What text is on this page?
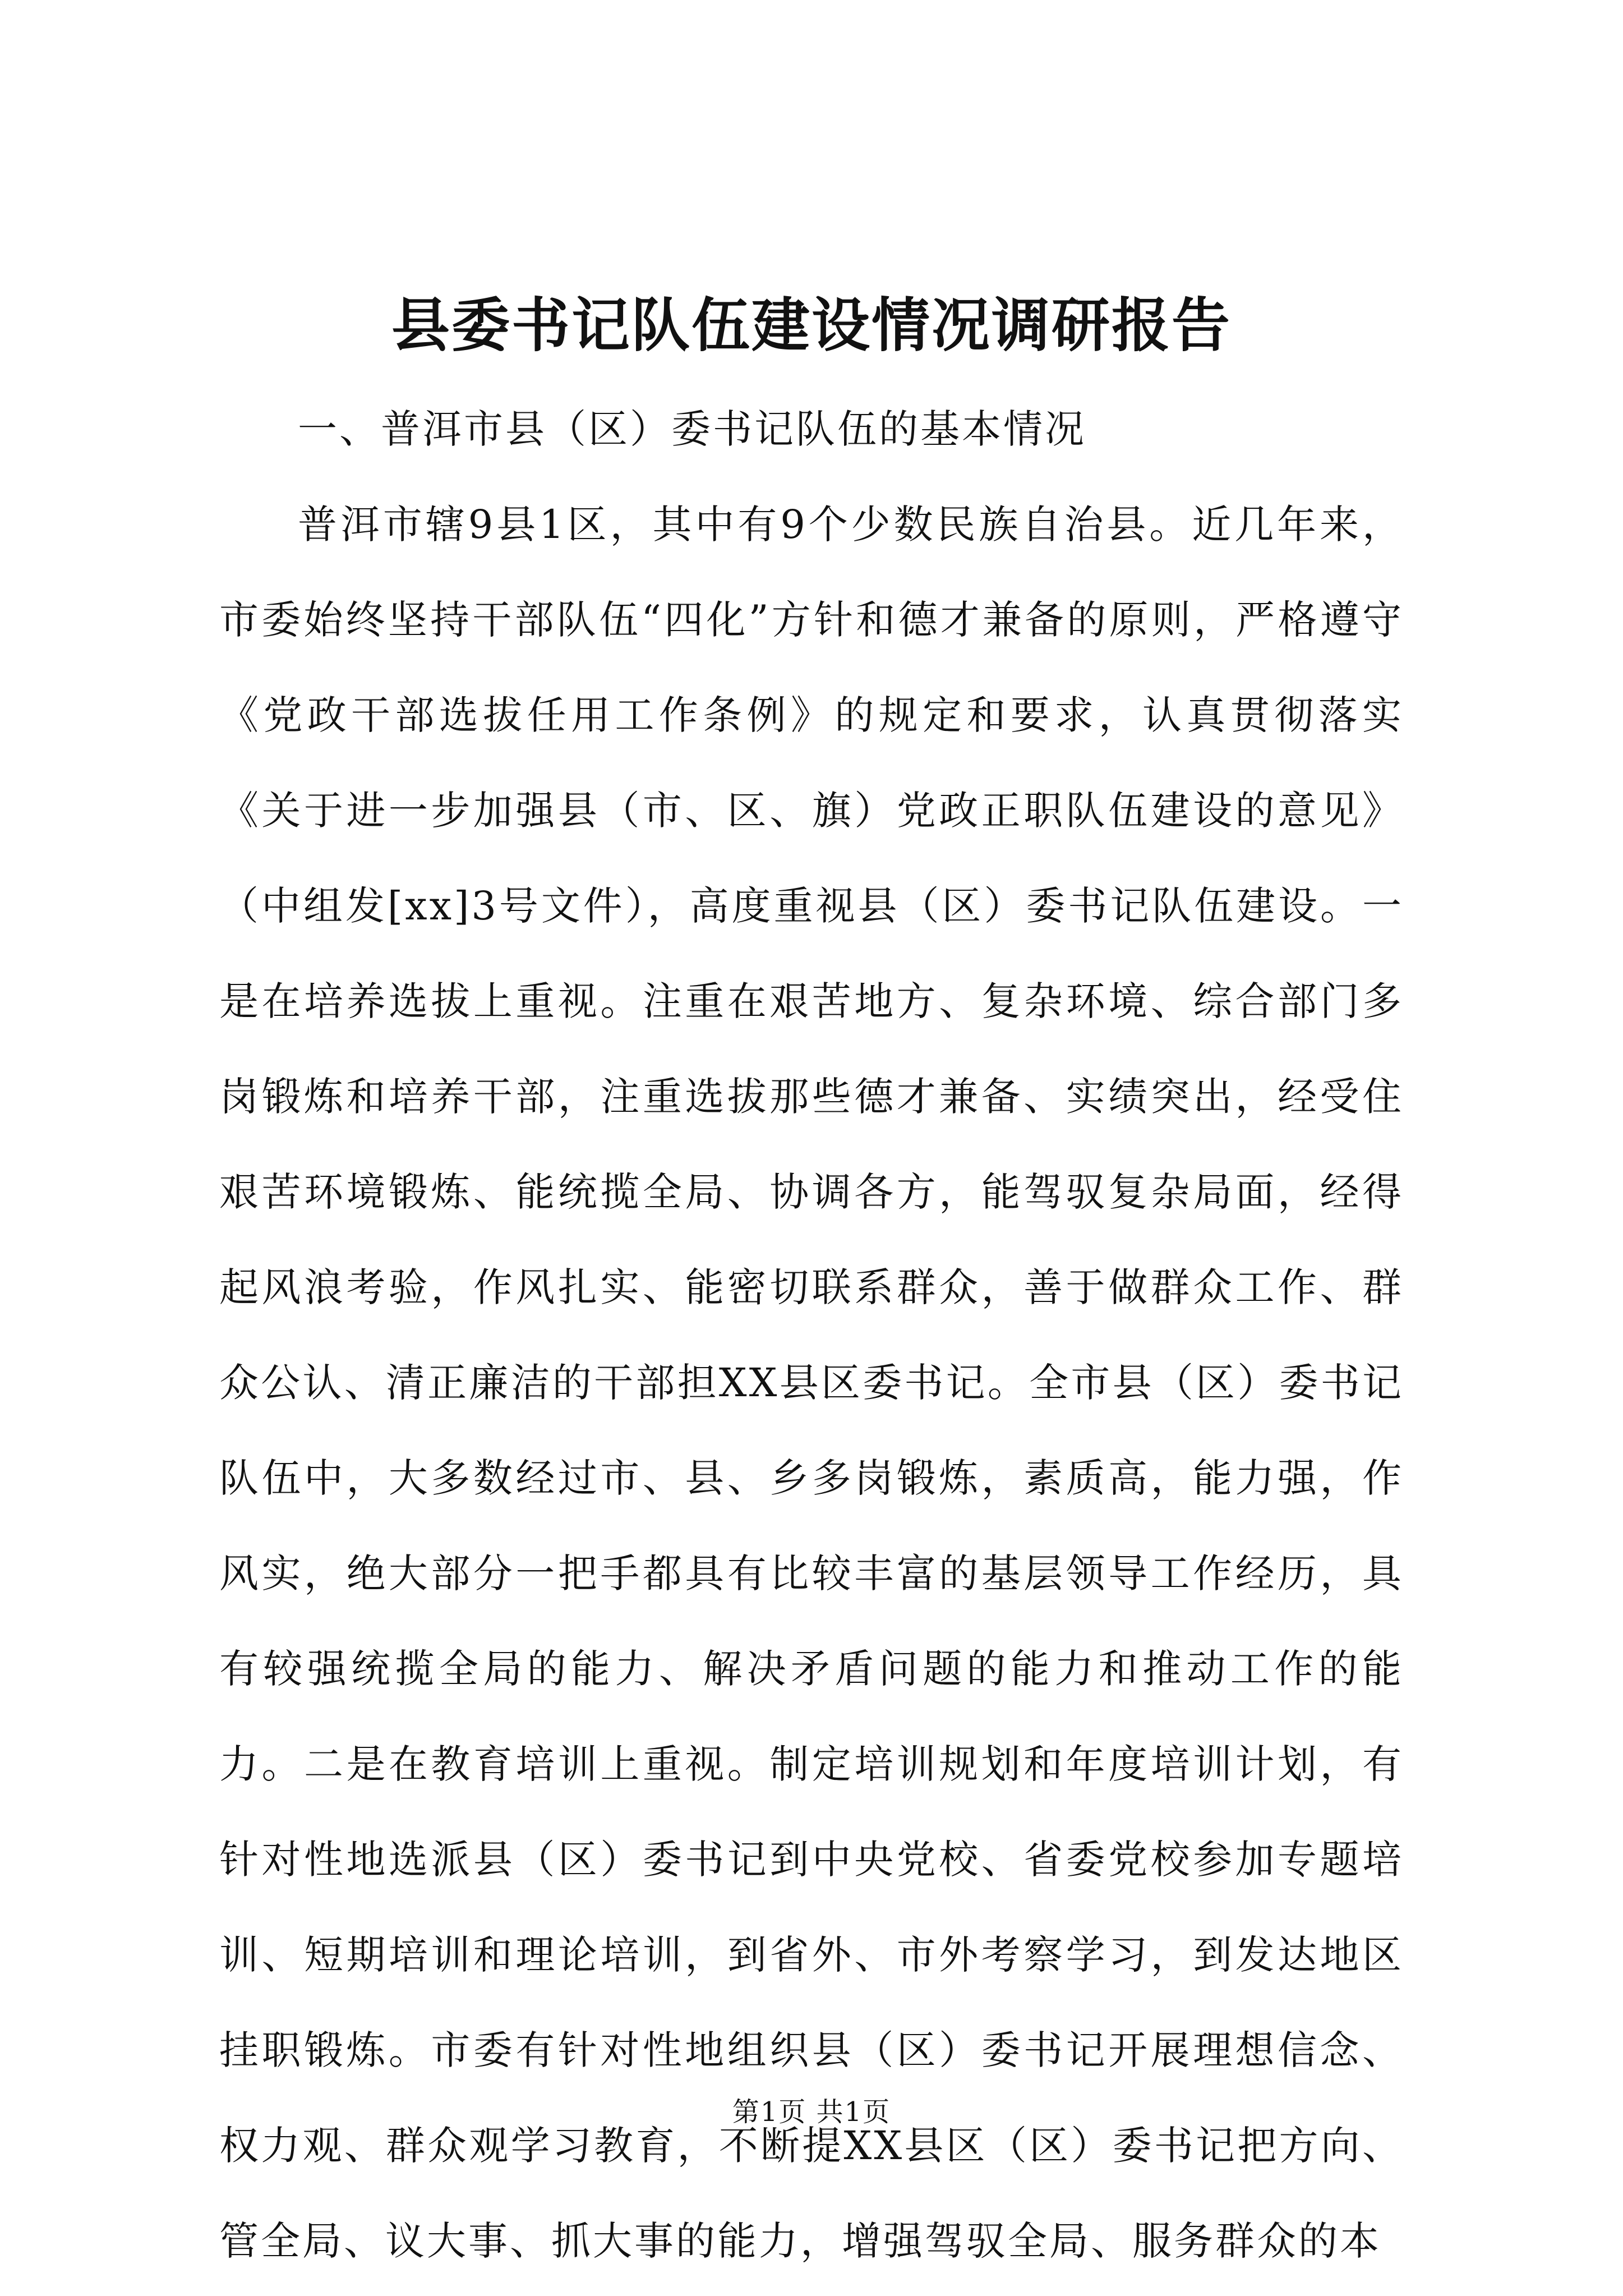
县委书记队伍建设情况调研报告

一、普洱市县（区）委书记队伍的基本情况

普洱市辖9县1区，其中有9个少数民族自治县。近几年来，市委始终坚持干部队伍“四化”方针和德才兼备的原则，严格遵守《党政干部选拔任用工作条例》的规定和要求，认真贯彻落实《关于进一步加强县（市、区、旗）党政正职队伍建设的意见》（中组发[xx]3号文件），高度重视县（区）委书记队伍建设。一是在培养选拔上重视。注重在艰苦地方、复杂环境、综合部门多岗锻炼和培养干部，注重选拔那些德才兼备、实绩突出，经受住艰苦环境锻炼、能统揽全局、协调各方，能驾驭复杂局面，经得起风浪考验，作风扎实、能密切联系群众，善于做群众工作、群众公认、清正廉洁的干部担XX县区委书记。全市县（区）委书记队伍中，大多数经过市、县、乡多岗锻炼，素质高，能力强，作风实，绝大部分一把手都具有比较丰富的基层领导工作经历，具有较强统揽全局的能力、解决矛盾问题的能力和推动工作的能力。二是在教育培训上重视。制定培训规划和年度培训计划，有针对性地选派县（区）委书记到中央党校、省委党校参加专题培训、短期培训和理论培训，到省外、市外考察学习，到发达地区挂职锻炼。市委有针对性地组织县（区）委书记开展理想信念、权力观、群众观学习教育，不断提XX县区（区）委书记把方向、管全局、议大事、抓大事的能力，增强驾驭全局、服务群众的本

第1页 共1页
